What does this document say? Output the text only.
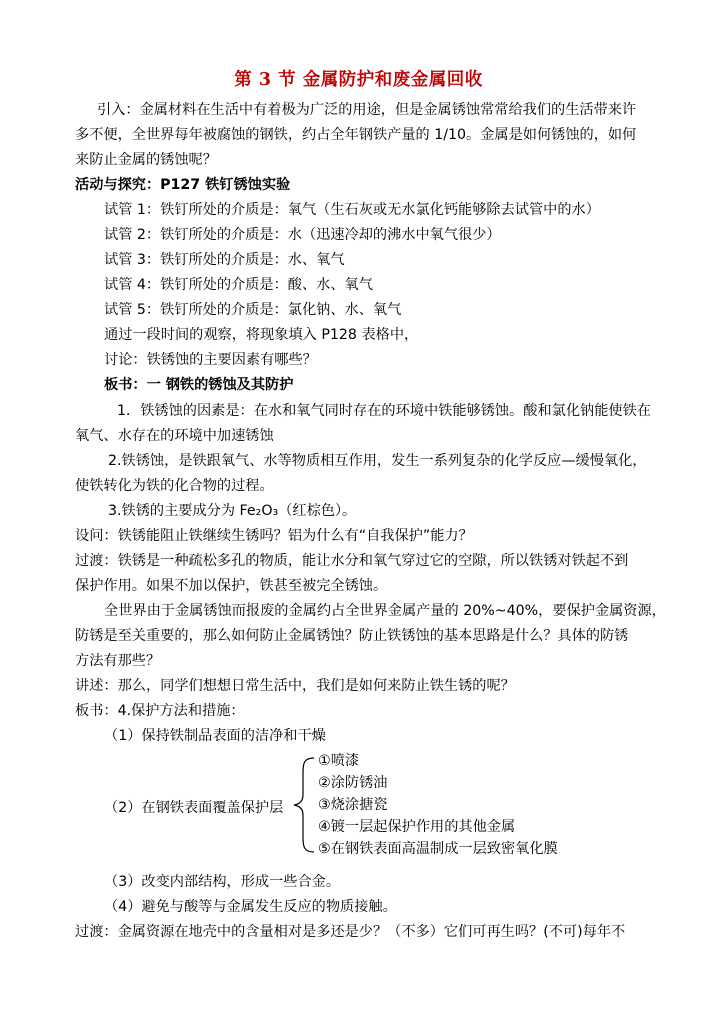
第 3 节 金属防护和废金属回收
引入：金属材料在生活中有着极为广泛的用途，但是金属锈蚀常常给我们的生活带来许
多不便，全世界每年被腐蚀的钢铁，约占全年钢铁产量的 1/10。金属是如何锈蚀的，如何
来防止金属的锈蚀呢？
活动与探究：P127 铁钉锈蚀实验
试管 1：铁钉所处的介质是：氧气（生石灰或无水氯化钙能够除去试管中的水）
试管 2：铁钉所处的介质是：水（迅速冷却的沸水中氧气很少）
试管 3：铁钉所处的介质是：水、氧气
试管 4：铁钉所处的介质是：酸、水、氧气
试管 5：铁钉所处的介质是：氯化钠、水、氧气
通过一段时间的观察，将现象填入 P128 表格中，
讨论：铁锈蚀的主要因素有哪些？
板书：一 钢铁的锈蚀及其防护
1．铁锈蚀的因素是：在水和氧气同时存在的环境中铁能够锈蚀。酸和氯化钠能使铁在
氧气、水存在的环境中加速锈蚀
2.铁锈蚀，是铁跟氧气、水等物质相互作用，发生一系列复杂的化学反应—缓慢氧化，
使铁转化为铁的化合物的过程。
3.铁锈的主要成分为 Fe₂O₃（红棕色）。
设问：铁锈能阻止铁继续生锈吗？铝为什么有“自我保护”能力？
过渡：铁锈是一种疏松多孔的物质，能让水分和氧气穿过它的空隙，所以铁锈对铁起不到
保护作用。如果不加以保护，铁甚至被完全锈蚀。
全世界由于金属锈蚀而报废的金属约占全世界金属产量的 20%~40%，要保护金属资源，
防锈是至关重要的，那么如何防止金属锈蚀？防止铁锈蚀的基本思路是什么？具体的防锈
方法有那些？
讲述：那么，同学们想想日常生活中，我们是如何来防止铁生锈的呢？
板书：4.保护方法和措施：
（1）保持铁制品表面的洁净和干燥
（2）在钢铁表面覆盖保护层
①喷漆
②涂防锈油
③烧涂搪瓷
④镀一层起保护作用的其他金属
⑤在钢铁表面高温制成一层致密氧化膜
（3）改变内部结构，形成一些合金。
（4）避免与酸等与金属发生反应的物质接触。
过渡：金属资源在地壳中的含量相对是多还是少？（不多）它们可再生吗？(不可)每年不
